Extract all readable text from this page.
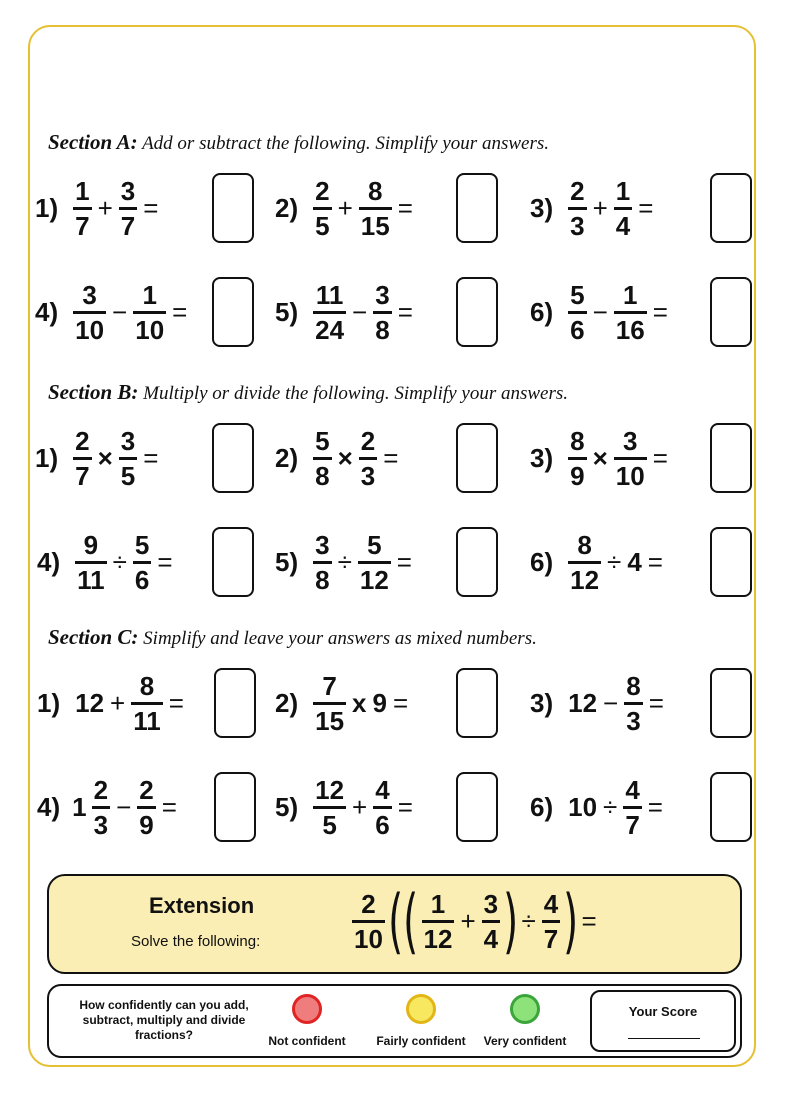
Section A: Add or subtract the following. Simplify your answers.
$1) \frac{1}{7} + \frac{3}{7}$ =	$2) \frac{2}{5} + \frac{8}{15}$ =	$3) \frac{2}{3} + \frac{1}{4}$ =
$4) \frac{3}{10} - \frac{1}{10}$ =	$5) \frac{11}{24} - \frac{3}{8}$ =	$6) \frac{5}{6} - \frac{1}{16}$ =
Section B: Multiply or divide the following. Simplify your answers.
$1) \frac{2}{7} \times \frac{3}{5}$ =	$2) \frac{5}{8} \times \frac{2}{3}$ =	$3) \frac{8}{9} \times \frac{3}{10}$ =
$4) \frac{9}{11} \div \frac{5}{6}$ =	$5) \frac{3}{8} \div \frac{5}{12}$ =	$6) \frac{8}{12} \div 4$ =
Section C: Simplify and leave your answers as mixed numbers.
1) $12 + \frac{8}{11}$ =	$2) \frac{7}{15}$ x 9 =	3) $12 - \frac{8}{3}$ =
4) $1 \frac{2}{3} - \frac{2}{9}$ =	$5) \frac{12}{5} + \frac{4}{6}$ =	6) $10 \div \frac{4}{7}$ =
Extension
Solve the following:	$\frac{2}{10}$ ( ( $\frac{1}{12} + \frac{3}{4}$ ) ÷ $\frac{4}{7}$ ) =
How confidently can you add, subtract, multiply and divide fractions?	Not confident	Fairly confident	Very confident
Your Score
